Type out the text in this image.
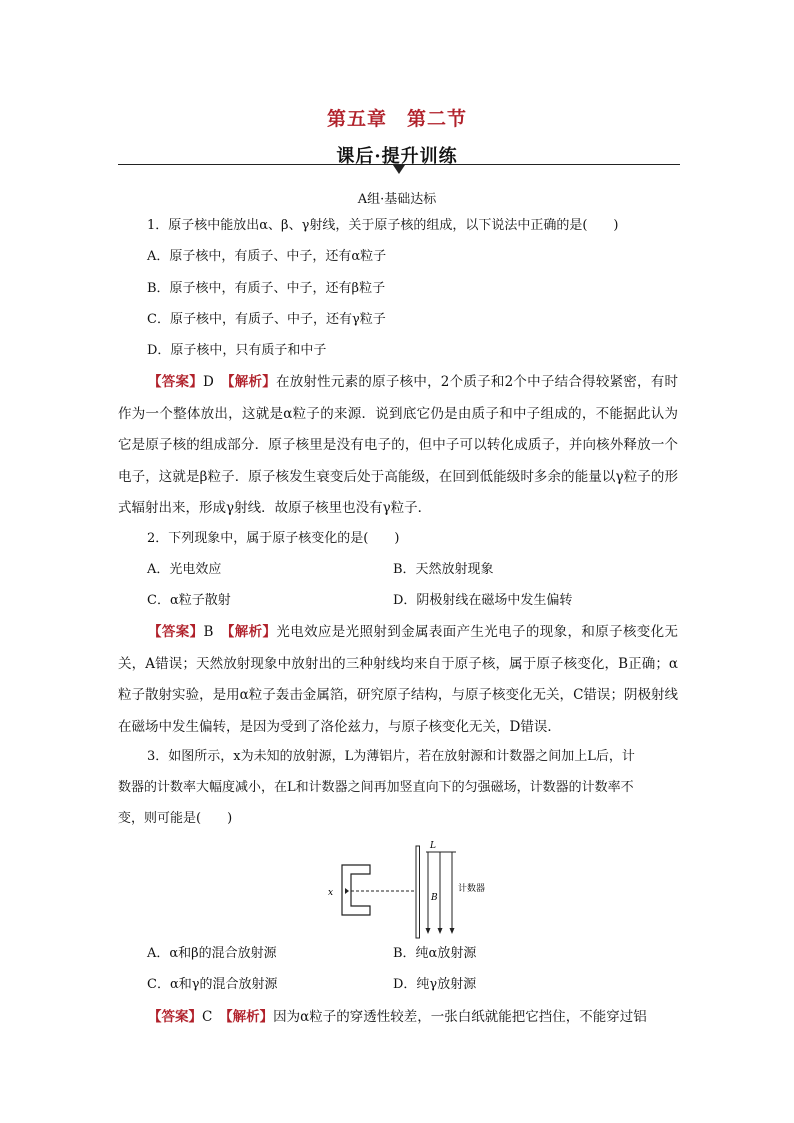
第五章　第二节
课后·提升训练
A组·基础达标
1．原子核中能放出α、β、γ射线，关于原子核的组成，以下说法中正确的是(　　)
A．原子核中，有质子、中子，还有α粒子
B．原子核中，有质子、中子，还有β粒子
C．原子核中，有质子、中子，还有γ粒子
D．原子核中，只有质子和中子
【答案】D　 【解析】在放射性元素的原子核中，2个质子和2个中子结合得较紧密，有时作为一个整体放出，这就是α粒子的来源．说到底它仍是由质子和中子组成的，不能据此认为它是原子核的组成部分．原子核里是没有电子的，但中子可以转化成质子，并向核外释放一个电子，这就是β粒子．原子核发生衰变后处于高能级，在回到低能级时多余的能量以γ粒子的形式辐射出来，形成γ射线．故原子核里也没有γ粒子．
2．下列现象中，属于原子核变化的是(　　)
A．光电效应	B．天然放射现象
C．α粒子散射	D．阴极射线在磁场中发生偏转
【答案】B　 【解析】光电效应是光照射到金属表面产生光电子的现象，和原子核变化无关，A错误；天然放射现象中放射出的三种射线均来自于原子核，属于原子核变化，B正确；α粒子散射实验，是用α粒子轰击金属箔，研究原子结构，与原子核变化无关，C错误；阴极射线在磁场中发生偏转，是因为受到了洛伦兹力，与原子核变化无关，D错误．
3．如图所示，x为未知的放射源，L为薄铝片，若在放射源和计数器之间加上L后，计
数器的计数率大幅度减小，在L和计数器之间再加竖直向下的匀强磁场，计数器的计数率不
变，则可能是(　　)
x
L
B
计数器
A．α和β的混合放射源	B．纯α放射源
C．α和γ的混合放射源	D．纯γ放射源
【答案】C　 【解析】因为α粒子的穿透性较差，一张白纸就能把它挡住，不能穿过铝
